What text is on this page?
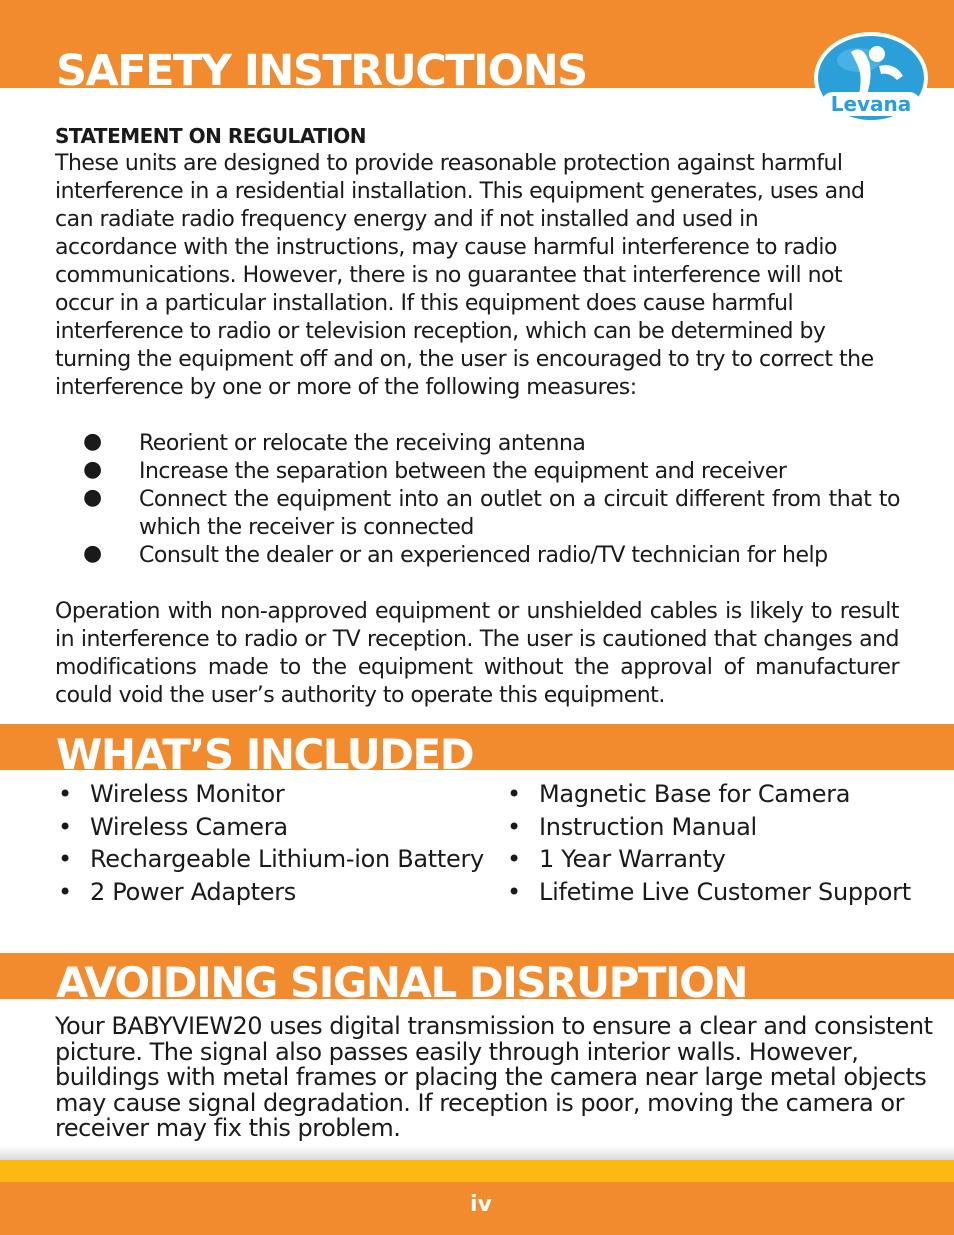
SAFETY INSTRUCTIONS
Levana
STATEMENT ON REGULATION
These units are designed to provide reasonable protection against harmful interference in a residential installation. This equipment generates, uses and can radiate radio frequency energy and if not installed and used in accordance with the instructions, may cause harmful interference to radio communications. However, there is no guarantee that interference will not occur in a particular installation. If this equipment does cause harmful interference to radio or television reception, which can be determined by turning the equipment off and on, the user is encouraged to try to correct the interference by one or more of the following measures:
● Reorient or relocate the receiving antenna
● Increase the separation between the equipment and receiver
● Connect the equipment into an outlet on a circuit different from that to which the receiver is connected
● Consult the dealer or an experienced radio/TV technician for help
Operation with non-approved equipment or unshielded cables is likely to result in interference to radio or TV reception. The user is cautioned that changes and modifications made to the equipment without the approval of manufacturer could void the user’s authority to operate this equipment.
WHAT’S INCLUDED
• Wireless Monitor
• Wireless Camera
• Rechargeable Lithium-ion Battery
• 2 Power Adapters
• Magnetic Base for Camera
• Instruction Manual
• 1 Year Warranty
• Lifetime Live Customer Support
AVOIDING SIGNAL DISRUPTION
Your BABYVIEW20 uses digital transmission to ensure a clear and consistent
picture. The signal also passes easily through interior walls. However,
buildings with metal frames or placing the camera near large metal objects
may cause signal degradation. If reception is poor, moving the camera or
receiver may fix this problem.
iv
